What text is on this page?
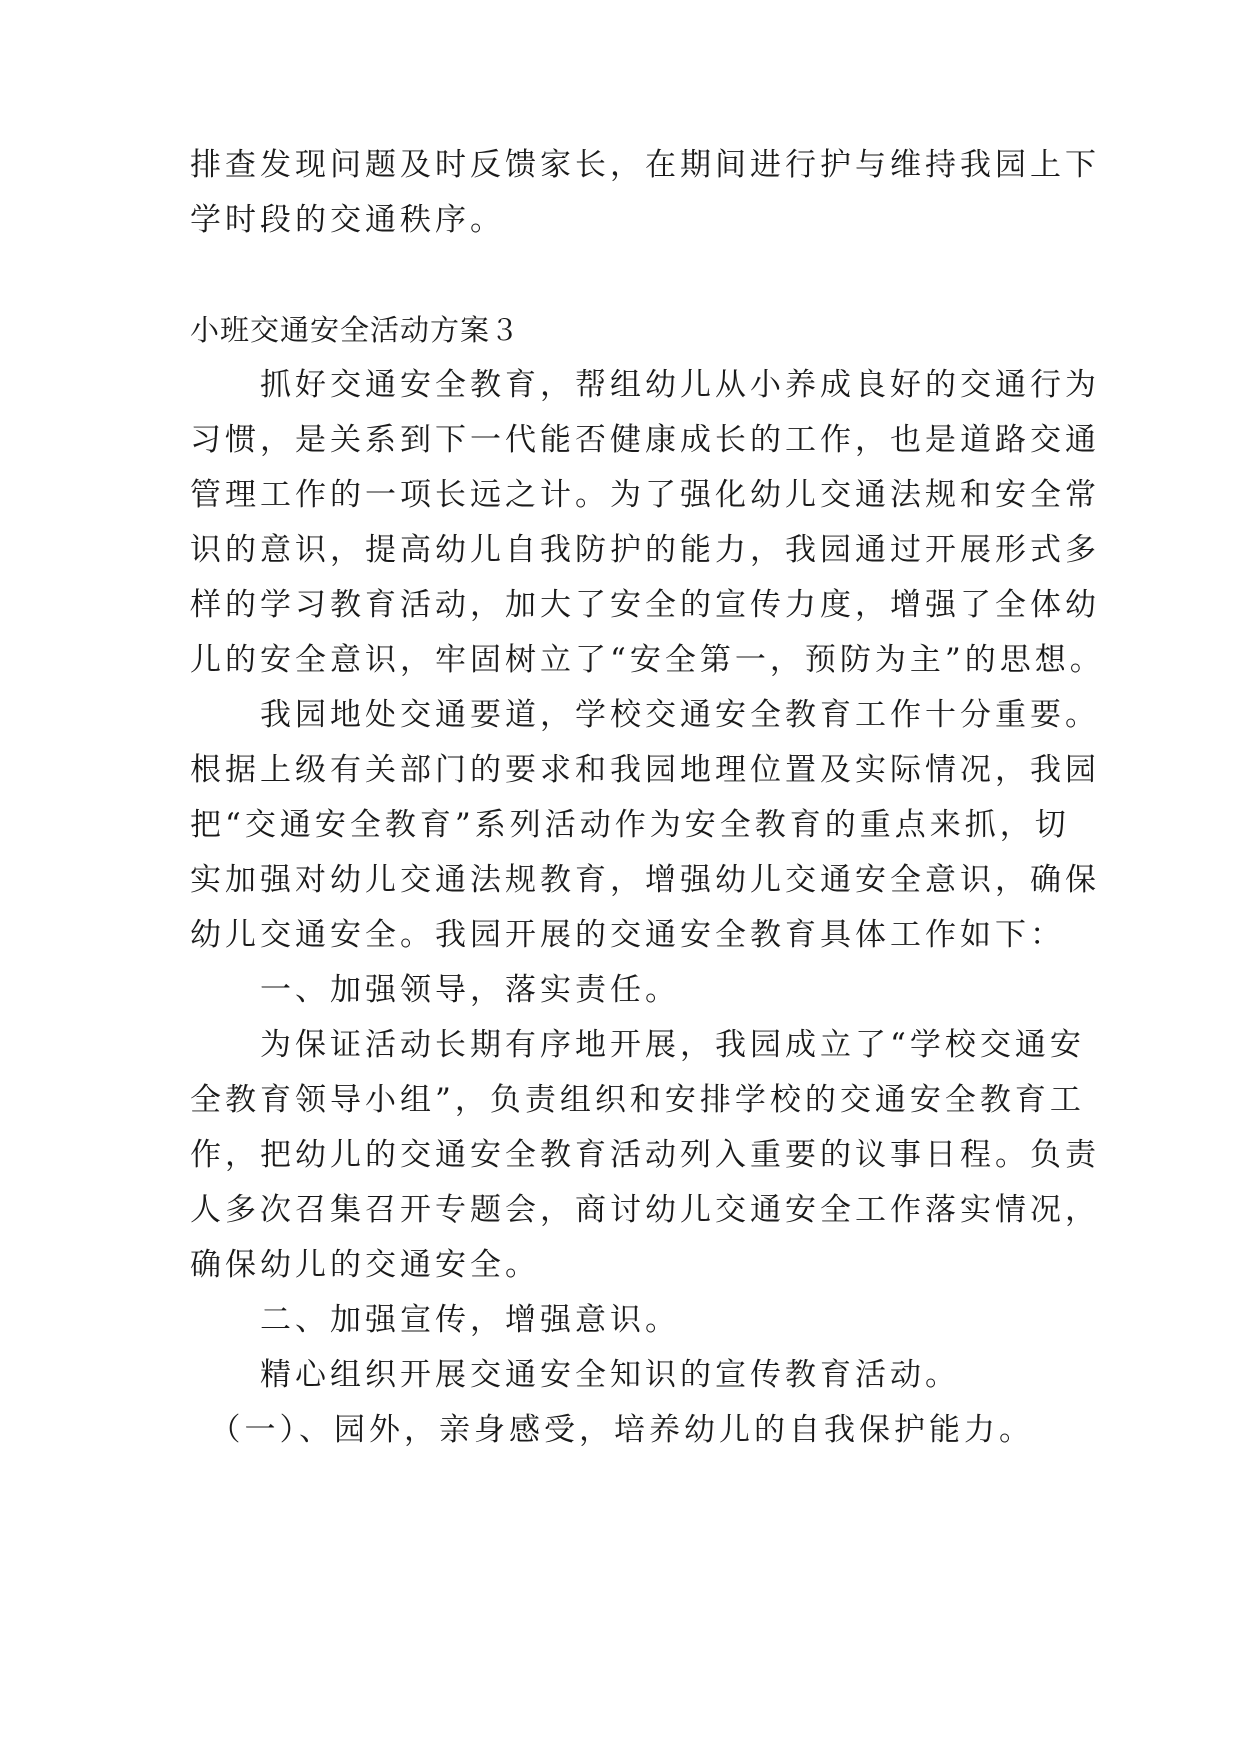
排查发现问题及时反馈家长，在期间进行护与维持我园上下
学时段的交通秩序。
小班交通安全活动方案３
　　抓好交通安全教育，帮组幼儿从小养成良好的交通行为
习惯，是关系到下一代能否健康成长的工作，也是道路交通
管理工作的一项长远之计。为了强化幼儿交通法规和安全常
识的意识，提高幼儿自我防护的能力，我园通过开展形式多
样的学习教育活动，加大了安全的宣传力度，增强了全体幼
儿的安全意识，牢固树立了“安全第一，预防为主”的思想。
　　我园地处交通要道，学校交通安全教育工作十分重要。
根据上级有关部门的要求和我园地理位置及实际情况，我园
把“交通安全教育”系列活动作为安全教育的重点来抓，切
实加强对幼儿交通法规教育，增强幼儿交通安全意识，确保
幼儿交通安全。我园开展的交通安全教育具体工作如下：
　　一、加强领导，落实责任。
　　为保证活动长期有序地开展，我园成立了“学校交通安
全教育领导小组”，负责组织和安排学校的交通安全教育工
作，把幼儿的交通安全教育活动列入重要的议事日程。负责
人多次召集召开专题会，商讨幼儿交通安全工作落实情况，
确保幼儿的交通安全。
　　二、加强宣传，增强意识。
　　精心组织开展交通安全知识的宣传教育活动。
　（一）、园外，亲身感受，培养幼儿的自我保护能力。
